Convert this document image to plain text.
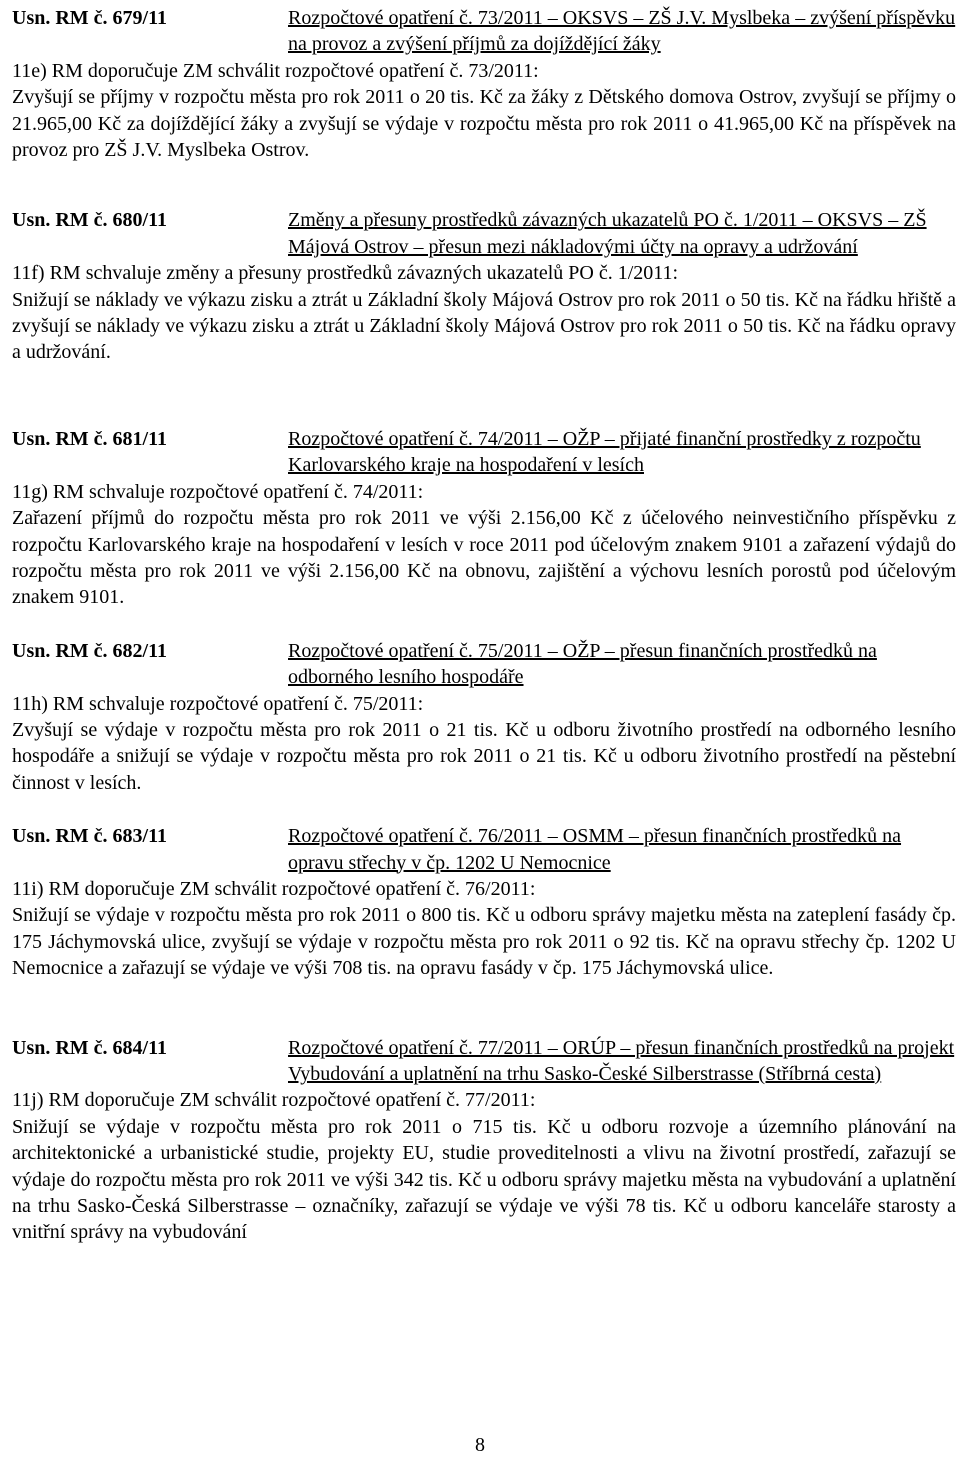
Usn. RM č. 679/11	Rozpočtové opatření č. 73/2011 – OKSVS – ZŠ J.V. Myslbeka – zvýšení příspěvku na provoz a zvýšení příjmů za dojíždějící žáky

11e) RM doporučuje ZM schválit rozpočtové opatření č. 73/2011:

Zvyšují se příjmy v rozpočtu města pro rok 2011 o 20 tis. Kč za žáky z Dětského domova Ostrov, zvyšují se příjmy o 21.965,00 Kč za dojíždějící žáky a zvyšují se výdaje v rozpočtu města pro rok 2011 o 41.965,00 Kč na příspěvek na provoz pro ZŠ J.V. Myslbeka Ostrov.

Usn. RM č. 680/11	Změny a přesuny prostředků závazných ukazatelů PO č. 1/2011 – OKSVS – ZŠ Májová Ostrov – přesun mezi nákladovými účty na opravy a udržování

11f) RM schvaluje změny a přesuny prostředků závazných ukazatelů PO č. 1/2011:

Snižují se náklady ve výkazu zisku a ztrát u Základní školy Májová Ostrov pro rok 2011 o 50 tis. Kč na řádku hřiště a zvyšují se náklady ve výkazu zisku a ztrát u Základní školy Májová Ostrov pro rok 2011 o 50 tis. Kč na řádku opravy a udržování.

Usn. RM č. 681/11	Rozpočtové opatření č. 74/2011 – OŽP – přijaté finanční prostředky z rozpočtu Karlovarského kraje na hospodaření v lesích

11g) RM schvaluje rozpočtové opatření č. 74/2011:

Zařazení příjmů do rozpočtu města pro rok 2011 ve výši 2.156,00 Kč z účelového neinvestičního příspěvku z rozpočtu Karlovarského kraje na hospodaření v lesích v roce 2011 pod účelovým znakem 9101 a zařazení výdajů do rozpočtu města pro rok 2011 ve výši 2.156,00 Kč na obnovu, zajištění a výchovu lesních porostů pod účelovým znakem 9101.

Usn. RM č. 682/11	Rozpočtové opatření č. 75/2011 – OŽP – přesun finančních prostředků na odborného lesního hospodáře

11h) RM schvaluje rozpočtové opatření č. 75/2011:

Zvyšují se výdaje v rozpočtu města pro rok 2011 o 21 tis. Kč u odboru životního prostředí na odborného lesního hospodáře a snižují se výdaje v rozpočtu města pro rok 2011 o 21 tis. Kč u odboru životního prostředí na pěstební činnost v lesích.

Usn. RM č. 683/11	Rozpočtové opatření č. 76/2011 – OSMM – přesun finančních prostředků na opravu střechy v čp. 1202 U Nemocnice

11i) RM doporučuje ZM schválit rozpočtové opatření č. 76/2011:

Snižují se výdaje v rozpočtu města pro rok 2011 o 800 tis. Kč u odboru správy majetku města na zateplení fasády čp. 175 Jáchymovská ulice, zvyšují se výdaje v rozpočtu města pro rok 2011 o 92 tis. Kč na opravu střechy čp. 1202 U Nemocnice a zařazují se výdaje ve výši 708 tis. na opravu fasády v čp. 175 Jáchymovská ulice.

Usn. RM č. 684/11	Rozpočtové opatření č. 77/2011 – ORÚP – přesun finančních prostředků na projekt Vybudování a uplatnění na trhu Sasko-České Silberstrasse (Stříbrná cesta)

11j) RM doporučuje ZM schválit rozpočtové opatření č. 77/2011:

Snižují se výdaje v rozpočtu města pro rok 2011 o 715 tis. Kč u odboru rozvoje a územního plánování na architektonické a urbanistické studie, projekty EU, studie proveditelnosti a vlivu na životní prostředí, zařazují se výdaje do rozpočtu města pro rok 2011 ve výši 342 tis. Kč u odboru správy majetku města na vybudování a uplatnění na trhu Sasko-Česká Silberstrasse – označníky, zařazují se výdaje ve výši 78 tis. Kč u odboru kanceláře starosty a vnitřní správy na vybudování

8
